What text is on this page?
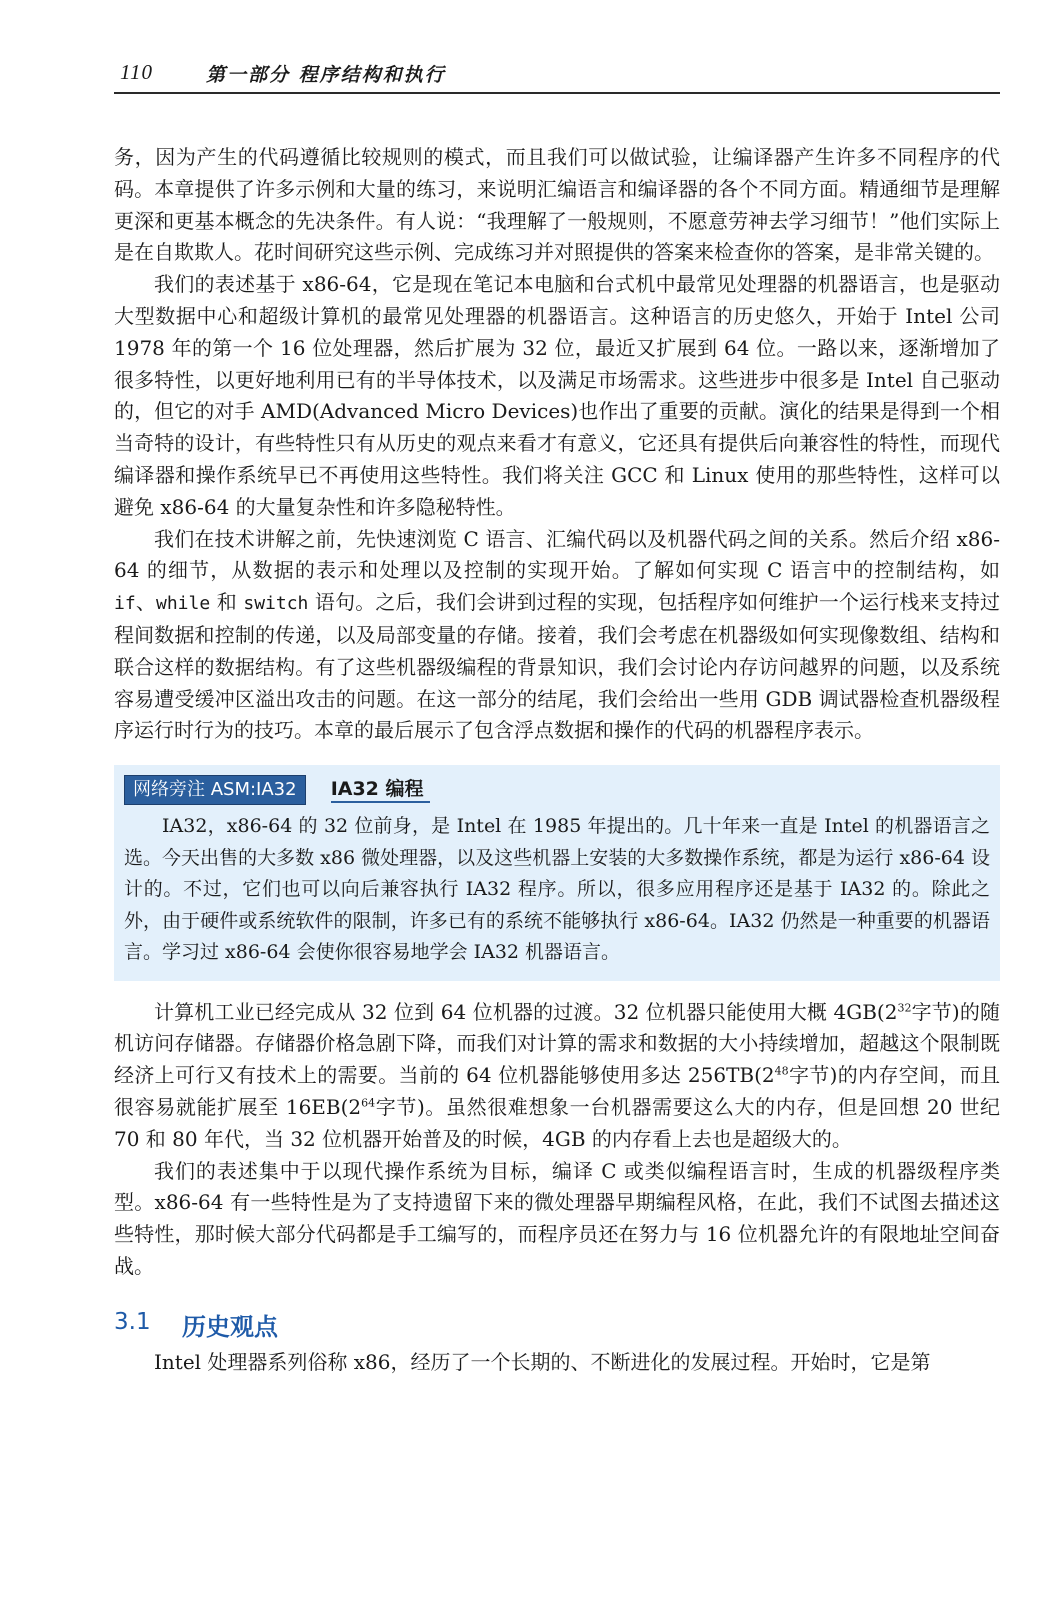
110	第一部分 程序结构和执行

务，因为产生的代码遵循比较规则的模式，而且我们可以做试验，让编译器产生许多不同程序的代码。本章提供了许多示例和大量的练习，来说明汇编语言和编译器的各个不同方面。精通细节是理解更深和更基本概念的先决条件。有人说：“我理解了一般规则，不愿意劳神去学习细节！”他们实际上是在自欺欺人。花时间研究这些示例、完成练习并对照提供的答案来检查你的答案，是非常关键的。

我们的表述基于 x86-64，它是现在笔记本电脑和台式机中最常见处理器的机器语言，也是驱动大型数据中心和超级计算机的最常见处理器的机器语言。这种语言的历史悠久，开始于 Intel 公司 1978 年的第一个 16 位处理器，然后扩展为 32 位，最近又扩展到 64 位。一路以来，逐渐增加了很多特性，以更好地利用已有的半导体技术，以及满足市场需求。这些进步中很多是 Intel 自己驱动的，但它的对手 AMD(Advanced Micro Devices)也作出了重要的贡献。演化的结果是得到一个相当奇特的设计，有些特性只有从历史的观点来看才有意义，它还具有提供后向兼容性的特性，而现代编译器和操作系统早已不再使用这些特性。我们将关注 GCC 和 Linux 使用的那些特性，这样可以避免 x86-64 的大量复杂性和许多隐秘特性。

我们在技术讲解之前，先快速浏览 C 语言、汇编代码以及机器代码之间的关系。然后介绍 x86-64 的细节，从数据的表示和处理以及控制的实现开始。了解如何实现 C 语言中的控制结构，如 if、while 和 switch 语句。之后，我们会讲到过程的实现，包括程序如何维护一个运行栈来支持过程间数据和控制的传递，以及局部变量的存储。接着，我们会考虑在机器级如何实现像数组、结构和联合这样的数据结构。有了这些机器级编程的背景知识，我们会讨论内存访问越界的问题，以及系统容易遭受缓冲区溢出攻击的问题。在这一部分的结尾，我们会给出一些用 GDB 调试器检查机器级程序运行时行为的技巧。本章的最后展示了包含浮点数据和操作的代码的机器程序表示。

网络旁注 ASM:IA32 IA32 编程

IA32，x86-64 的 32 位前身，是 Intel 在 1985 年提出的。几十年来一直是 Intel 的机器语言之选。今天出售的大多数 x86 微处理器，以及这些机器上安装的大多数操作系统，都是为运行 x86-64 设计的。不过，它们也可以向后兼容执行 IA32 程序。所以，很多应用程序还是基于 IA32 的。除此之外，由于硬件或系统软件的限制，许多已有的系统不能够执行 x86-64。IA32 仍然是一种重要的机器语言。学习过 x86-64 会使你很容易地学会 IA32 机器语言。

计算机工业已经完成从 32 位到 64 位机器的过渡。32 位机器只能使用大概 $4GB(2^{32}$字节)的随机访问存储器。存储器价格急剧下降，而我们对计算的需求和数据的大小持续增加，超越这个限制既经济上可行又有技术上的需要。当前的 64 位机器能够使用多达 $256TB(2^{48}$字节)的内存空间，而且很容易就能扩展至 $16EB(2^{64}$字节)。虽然很难想象一台机器需要这么大的内存，但是回想 20 世纪 70 和 80 年代，当 32 位机器开始普及的时候，4GB 的内存看上去也是超级大的。

我们的表述集中于以现代操作系统为目标，编译 C 或类似编程语言时，生成的机器级程序类型。x86-64 有一些特性是为了支持遗留下来的微处理器早期编程风格，在此，我们不试图去描述这些特性，那时候大部分代码都是手工编写的，而程序员还在努力与 16 位机器允许的有限地址空间奋战。

3.1 历史观点

Intel 处理器系列俗称 x86，经历了一个长期的、不断进化的发展过程。开始时，它是第
